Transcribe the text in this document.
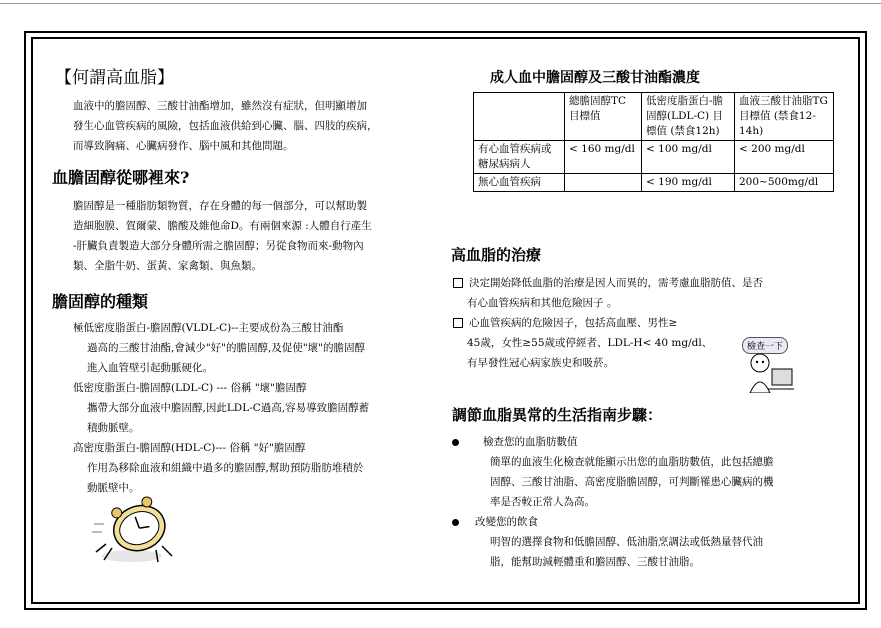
【何謂高血脂】
血液中的膽固醇、三酸甘油酯增加，雖然沒有症狀，但明顯增加
發生心血管疾病的風險，包括血液供給到心臟、腦、四肢的疾病，
而導致胸痛、心臟病發作、腦中風和其他問題。
血膽固醇從哪裡來?
膽固醇是一種脂肪類物質，存在身體的每一個部分，可以幫助製
造細胞膜、賀爾蒙、膽酸及維他命D。有兩個來源 :人體自行產生
-肝臟負責製造大部分身體所需之膽固醇；另從食物而來-動物內
類、全脂牛奶、蛋黃、家禽類、與魚類。
膽固醇的種類
極低密度脂蛋白-膽固醇(VLDL-C)--主要成份為三酸甘油酯
過高的三酸甘油酯,會減少"好"的膽固醇,及促使"壞"的膽固醇
進入血管壁引起動脈硬化。
低密度脂蛋白-膽固醇(LDL-C) --- 俗稱 "壞"膽固醇
攜帶大部分血液中膽固醇,因此LDL-C過高,容易導致膽固醇蓄
積動脈壁。
高密度脂蛋白-膽固醇(HDL-C)--- 俗稱 "好"膽固醇
作用為移除血液和組織中過多的膽固醇,幫助預防脂肪堆積於
動脈壁中。
成人血中膽固醇及三酸甘油酯濃度
	總膽固醇TC 目標值	低密度脂蛋白-膽固醇(LDL-C) 目標值 (禁食12h)	血液三酸甘油脂TG目標值 (禁食12-14h)
有心血管疾病或糖尿病病人	< 160 mg/dl	< 100 mg/dl	< 200 mg/dl
無心血管疾病		< 190 mg/dl	200~500mg/dl
高血脂的治療
決定開始降低血脂的治療是因人而異的，需考慮血脂肪值、是否
有心血管疾病和其他危險因子 。
心血管疾病的危險因子，包括高血壓、男性≥
45歲，女性≥55歲或停經者、LDL-H< 40 mg/dl、
有早發性冠心病家族史和吸菸。
檢查一下
調節血脂異常的生活指南步驟：
檢查您的血脂肪數值
簡單的血液生化檢查就能顯示出您的血脂肪數值，此包括總膽
固醇、三酸甘油脂、高密度脂膽固醇，可判斷罹患心臟病的機
率是否較正常人為高。
改變您的飲食
明智的選擇食物和低膽固醇、低油脂烹調法或低熱量替代油
脂，能幫助減輕體重和膽固醇、三酸甘油脂。
